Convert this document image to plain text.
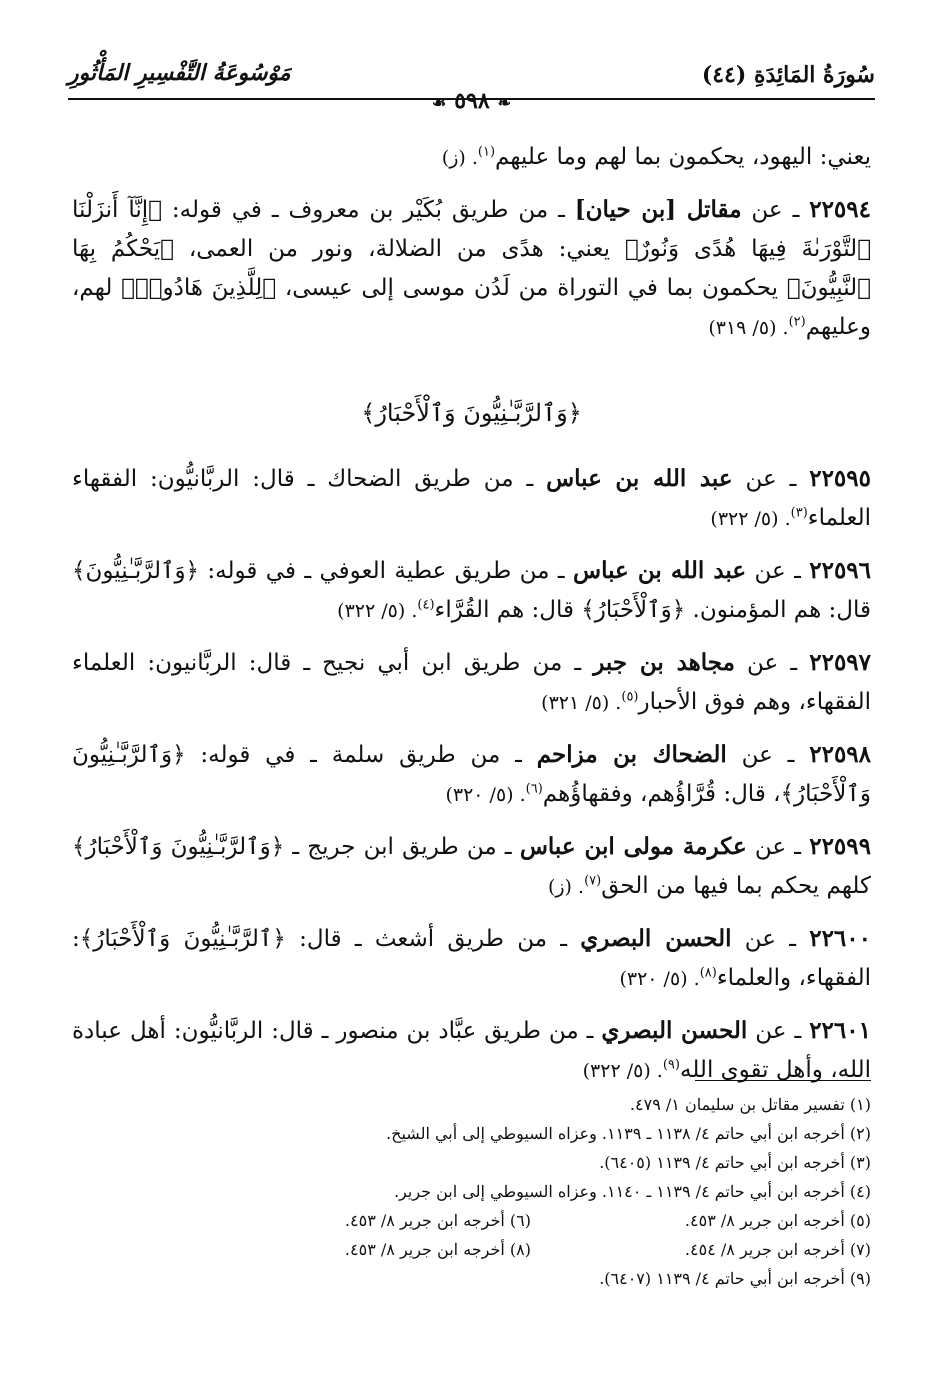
سُورَةُ المَائِدَةِ (٤٤)
مَوْسُوعَةُ التَّفْسِيرِ المَأْثُورِ
❧٥٩٨☙

يعني: اليهود، يحكمون بما لهم وما عليهم$^{(١)}$. (ز)

٢٢٥٩٤ ـ عن مقاتل [بن حيان] ـ من طريق بُكَيْر بن معروف ـ في قوله: ﴿إِنَّآ أَنزَلْنَا ٱلتَّوْرَىٰةَ فِيهَا هُدًى وَنُورٌ﴾ يعني: هدًى من الضلالة، ونور من العمى، ﴿يَحْكُمُ بِهَا ٱلنَّبِيُّونَ﴾ يحكمون بما في التوراة من لَدُن موسى إلى عيسى، ﴿لِلَّذِينَ هَادُوا۟﴾ لهم، وعليهم$^{(٢)}$. (٥/ ٣١٩)

﴿وَٱلرَّبَّـٰنِيُّونَ وَٱلْأَحْبَارُ﴾

٢٢٥٩٥ ـ عن عبد الله بن عباس ـ من طريق الضحاك ـ قال: الربَّانيُّون: الفقهاء العلماء$^{(٣)}$. (٥/ ٣٢٢)

٢٢٥٩٦ ـ عن عبد الله بن عباس ـ من طريق عطية العوفي ـ في قوله: ﴿وَٱلرَّبَّـٰنِيُّونَ﴾ قال: هم المؤمنون. ﴿وَٱلْأَحْبَارُ﴾ قال: هم القُرَّاء$^{(٤)}$. (٥/ ٣٢٢)

٢٢٥٩٧ ـ عن مجاهد بن جبر ـ من طريق ابن أبي نجيح ـ قال: الربَّانيون: العلماء الفقهاء، وهم فوق الأحبار$^{(٥)}$. (٥/ ٣٢١)

٢٢٥٩٨ ـ عن الضحاك بن مزاحم ـ من طريق سلمة ـ في قوله: ﴿وَٱلرَّبَّـٰنِيُّونَ وَٱلْأَحْبَارُ﴾، قال: قُرَّاؤُهم، وفقهاؤُهم$^{(٦)}$. (٥/ ٣٢٠)

٢٢٥٩٩ ـ عن عكرمة مولى ابن عباس ـ من طريق ابن جريج ـ ﴿وَٱلرَّبَّـٰنِيُّونَ وَٱلْأَحْبَارُ﴾ كلهم يحكم بما فيها من الحق$^{(٧)}$. (ز)

٢٢٦٠٠ ـ عن الحسن البصري ـ من طريق أشعث ـ قال: ﴿ٱلرَّبَّـٰنِيُّونَ وَٱلْأَحْبَارُ﴾: الفقهاء، والعلماء$^{(٨)}$. (٥/ ٣٢٠)

٢٢٦٠١ ـ عن الحسن البصري ـ من طريق عبَّاد بن منصور ـ قال: الربَّانيُّون: أهل عبادة الله، وأهل تقوى الله$^{(٩)}$. (٥/ ٣٢٢)

(١) تفسير مقاتل بن سليمان ١/ ٤٧٩.
(٢) أخرجه ابن أبي حاتم ٤/ ١١٣٨ ـ ١١٣٩. وعزاه السيوطي إلى أبي الشيخ.
(٣) أخرجه ابن أبي حاتم ٤/ ١١٣٩ (٦٤٠٥).
(٤) أخرجه ابن أبي حاتم ٤/ ١١٣٩ ـ ١١٤٠. وعزاه السيوطي إلى ابن جرير.
(٥) أخرجه ابن جرير ٨/ ٤٥٣.
(٦) أخرجه ابن جرير ٨/ ٤٥٣.
(٧) أخرجه ابن جرير ٨/ ٤٥٤.
(٨) أخرجه ابن جرير ٨/ ٤٥٣.
(٩) أخرجه ابن أبي حاتم ٤/ ١١٣٩ (٦٤٠٧).
